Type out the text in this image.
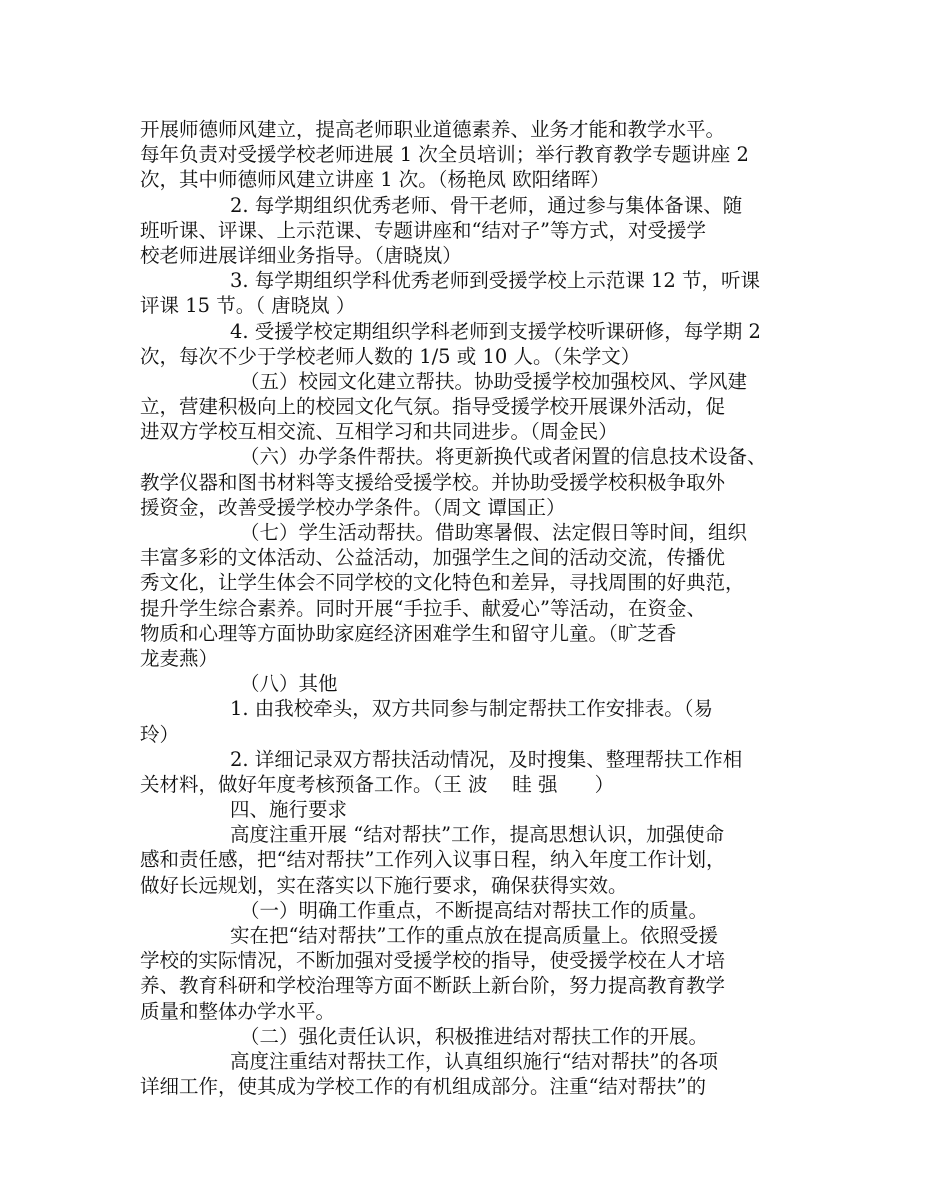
开展师德师风建立，提高老师职业道德素养、业务才能和教学水平。
每年负责对受援学校老师进展 1 次全员培训；举行教育教学专题讲座 2
次，其中师德师风建立讲座 1 次。（杨艳凤 欧阳绪晖）
2. 每学期组织优秀老师、骨干老师，通过参与集体备课、随
班听课、评课、上示范课、专题讲座和“结对子”等方式，对受援学
校老师进展详细业务指导。（唐晓岚）
3. 每学期组织学科优秀老师到受援学校上示范课 12 节，听课
评课 15 节。（ 唐晓岚 ）
4. 受援学校定期组织学科老师到支援学校听课研修，每学期 2
次，每次不少于学校老师人数的 1/5 或 10 人。（朱学文）
（五）校园文化建立帮扶。协助受援学校加强校风、学风建
立，营建积极向上的校园文化气氛。指导受援学校开展课外活动，促
进双方学校互相交流、互相学习和共同进步。（周金民）
（六）办学条件帮扶。将更新换代或者闲置的信息技术设备、
教学仪器和图书材料等支援给受援学校。并协助受援学校积极争取外
援资金，改善受援学校办学条件。（周文 谭国正）
（七）学生活动帮扶。借助寒暑假、法定假日等时间，组织
丰富多彩的文体活动、公益活动，加强学生之间的活动交流，传播优
秀文化，让学生体会不同学校的文化特色和差异，寻找周围的好典范，
提升学生综合素养。同时开展“手拉手、献爱心”等活动，在资金、
物质和心理等方面协助家庭经济困难学生和留守儿童。（旷芝香
龙麦燕）
（八）其他
1. 由我校牵头，双方共同参与制定帮扶工作安排表。（易
玲）
2. 详细记录双方帮扶活动情况，及时搜集、整理帮扶工作相
关材料，做好年度考核预备工作。（王 波    眭 强      ）
四、施行要求
高度注重开展 “结对帮扶”工作，提高思想认识，加强使命
感和责任感，把“结对帮扶”工作列入议事日程，纳入年度工作计划，
做好长远规划，实在落实以下施行要求，确保获得实效。
（一）明确工作重点，不断提高结对帮扶工作的质量。
实在把“结对帮扶”工作的重点放在提高质量上。依照受援
学校的实际情况，不断加强对受援学校的指导，使受援学校在人才培
养、教育科研和学校治理等方面不断跃上新台阶，努力提高教育教学
质量和整体办学水平。
（二）强化责任认识，积极推进结对帮扶工作的开展。
高度注重结对帮扶工作，认真组织施行“结对帮扶”的各项
详细工作，使其成为学校工作的有机组成部分。注重“结对帮扶”的
